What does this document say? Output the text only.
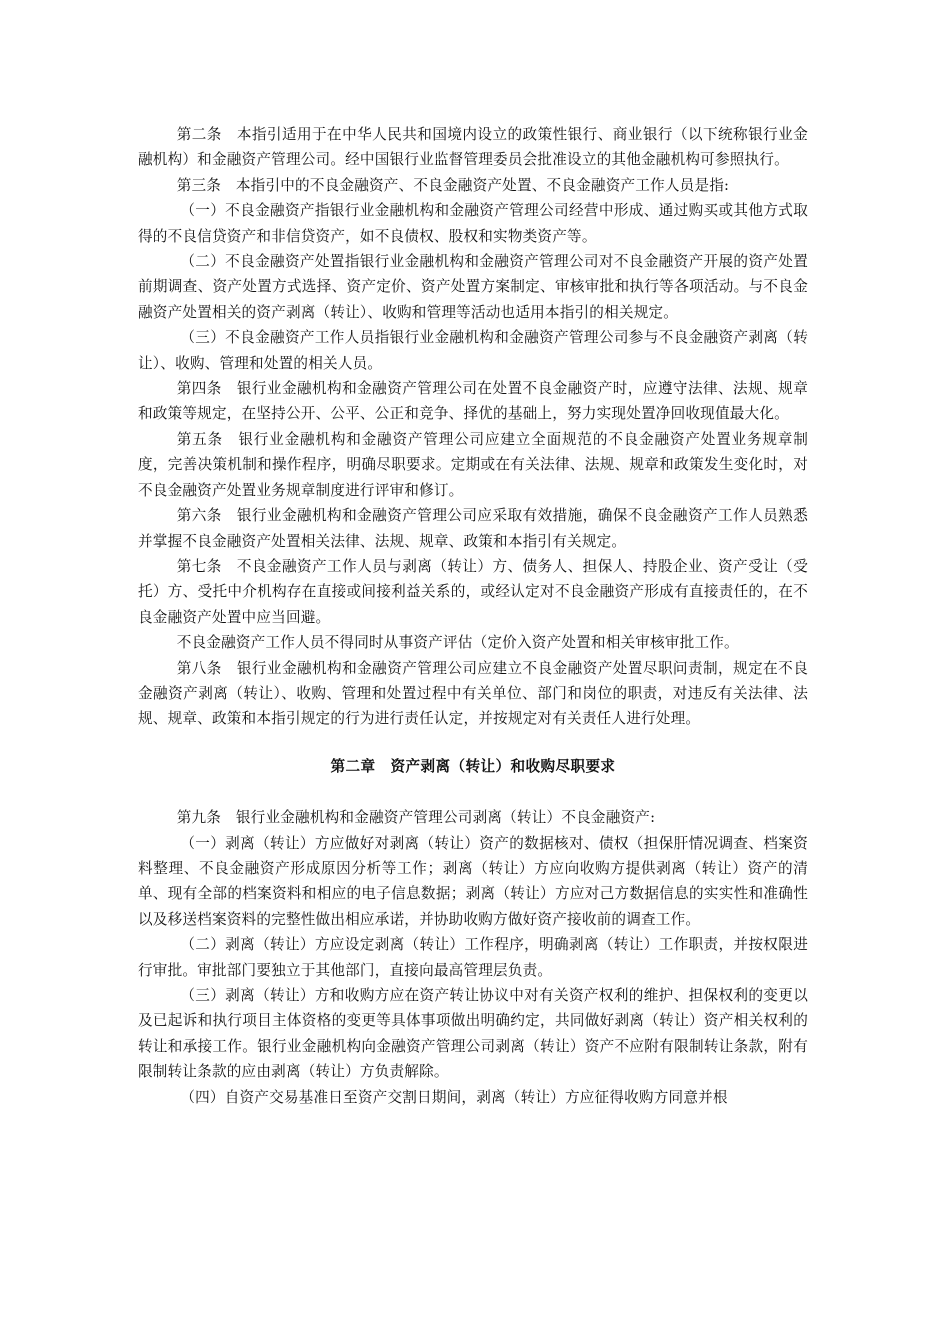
第二条　本指引适用于在中华人民共和国境内设立的政策性银行、商业银行（以下统称银行业金融机构）和金融资产管理公司。经中国银行业监督管理委员会批准设立的其他金融机构可参照执行。

第三条　本指引中的不良金融资产、不良金融资产处置、不良金融资产工作人员是指:

（一）不良金融资产指银行业金融机构和金融资产管理公司经营中形成、通过购买或其他方式取得的不良信贷资产和非信贷资产，如不良债权、股权和实物类资产等。

（二）不良金融资产处置指银行业金融机构和金融资产管理公司对不良金融资产开展的资产处置前期调查、资产处置方式选择、资产定价、资产处置方案制定、审核审批和执行等各项活动。与不良金融资产处置相关的资产剥离（转让）、收购和管理等活动也适用本指引的相关规定。

（三）不良金融资产工作人员指银行业金融机构和金融资产管理公司参与不良金融资产剥离（转让）、收购、管理和处置的相关人员。

第四条　银行业金融机构和金融资产管理公司在处置不良金融资产时，应遵守法律、法规、规章和政策等规定，在坚持公开、公平、公正和竞争、择优的基础上，努力实现处置净回收现值最大化。

第五条　银行业金融机构和金融资产管理公司应建立全面规范的不良金融资产处置业务规章制度，完善决策机制和操作程序，明确尽职要求。定期或在有关法律、法规、规章和政策发生变化时，对不良金融资产处置业务规章制度进行评审和修订。

第六条　银行业金融机构和金融资产管理公司应采取有效措施，确保不良金融资产工作人员熟悉并掌握不良金融资产处置相关法律、法规、规章、政策和本指引有关规定。

第七条　不良金融资产工作人员与剥离（转让）方、债务人、担保人、持股企业、资产受让（受托）方、受托中介机构存在直接或间接利益关系的，或经认定对不良金融资产形成有直接责任的，在不良金融资产处置中应当回避。

不良金融资产工作人员不得同时从事资产评估（定价入资产处置和相关审核审批工作。

第八条　银行业金融机构和金融资产管理公司应建立不良金融资产处置尽职问责制，规定在不良金融资产剥离（转让）、收购、管理和处置过程中有关单位、部门和岗位的职责，对违反有关法律、法规、规章、政策和本指引规定的行为进行责任认定，并按规定对有关责任人进行处理。

第二章　资产剥离（转让）和收购尽职要求

第九条　银行业金融机构和金融资产管理公司剥离（转让）不良金融资产:

（一）剥离（转让）方应做好对剥离（转让）资产的数据核对、债权（担保肝情况调查、档案资料整理、不良金融资产形成原因分析等工作；剥离（转让）方应向收购方提供剥离（转让）资产的清单、现有全部的档案资料和相应的电子信息数据；剥离（转让）方应对己方数据信息的实实性和准确性以及移送档案资料的完整性做出相应承诺，并协助收购方做好资产接收前的调查工作。

（二）剥离（转让）方应设定剥离（转让）工作程序，明确剥离（转让）工作职责，并按权限进行审批。审批部门要独立于其他部门，直接向最高管理层负责。

（三）剥离（转让）方和收购方应在资产转让协议中对有关资产权利的维护、担保权利的变更以及已起诉和执行项目主体资格的变更等具体事项做出明确约定，共同做好剥离（转让）资产相关权利的转让和承接工作。银行业金融机构向金融资产管理公司剥离（转让）资产不应附有限制转让条款，附有限制转让条款的应由剥离（转让）方负责解除。

（四）自资产交易基准日至资产交割日期间，剥离（转让）方应征得收购方同意并根
